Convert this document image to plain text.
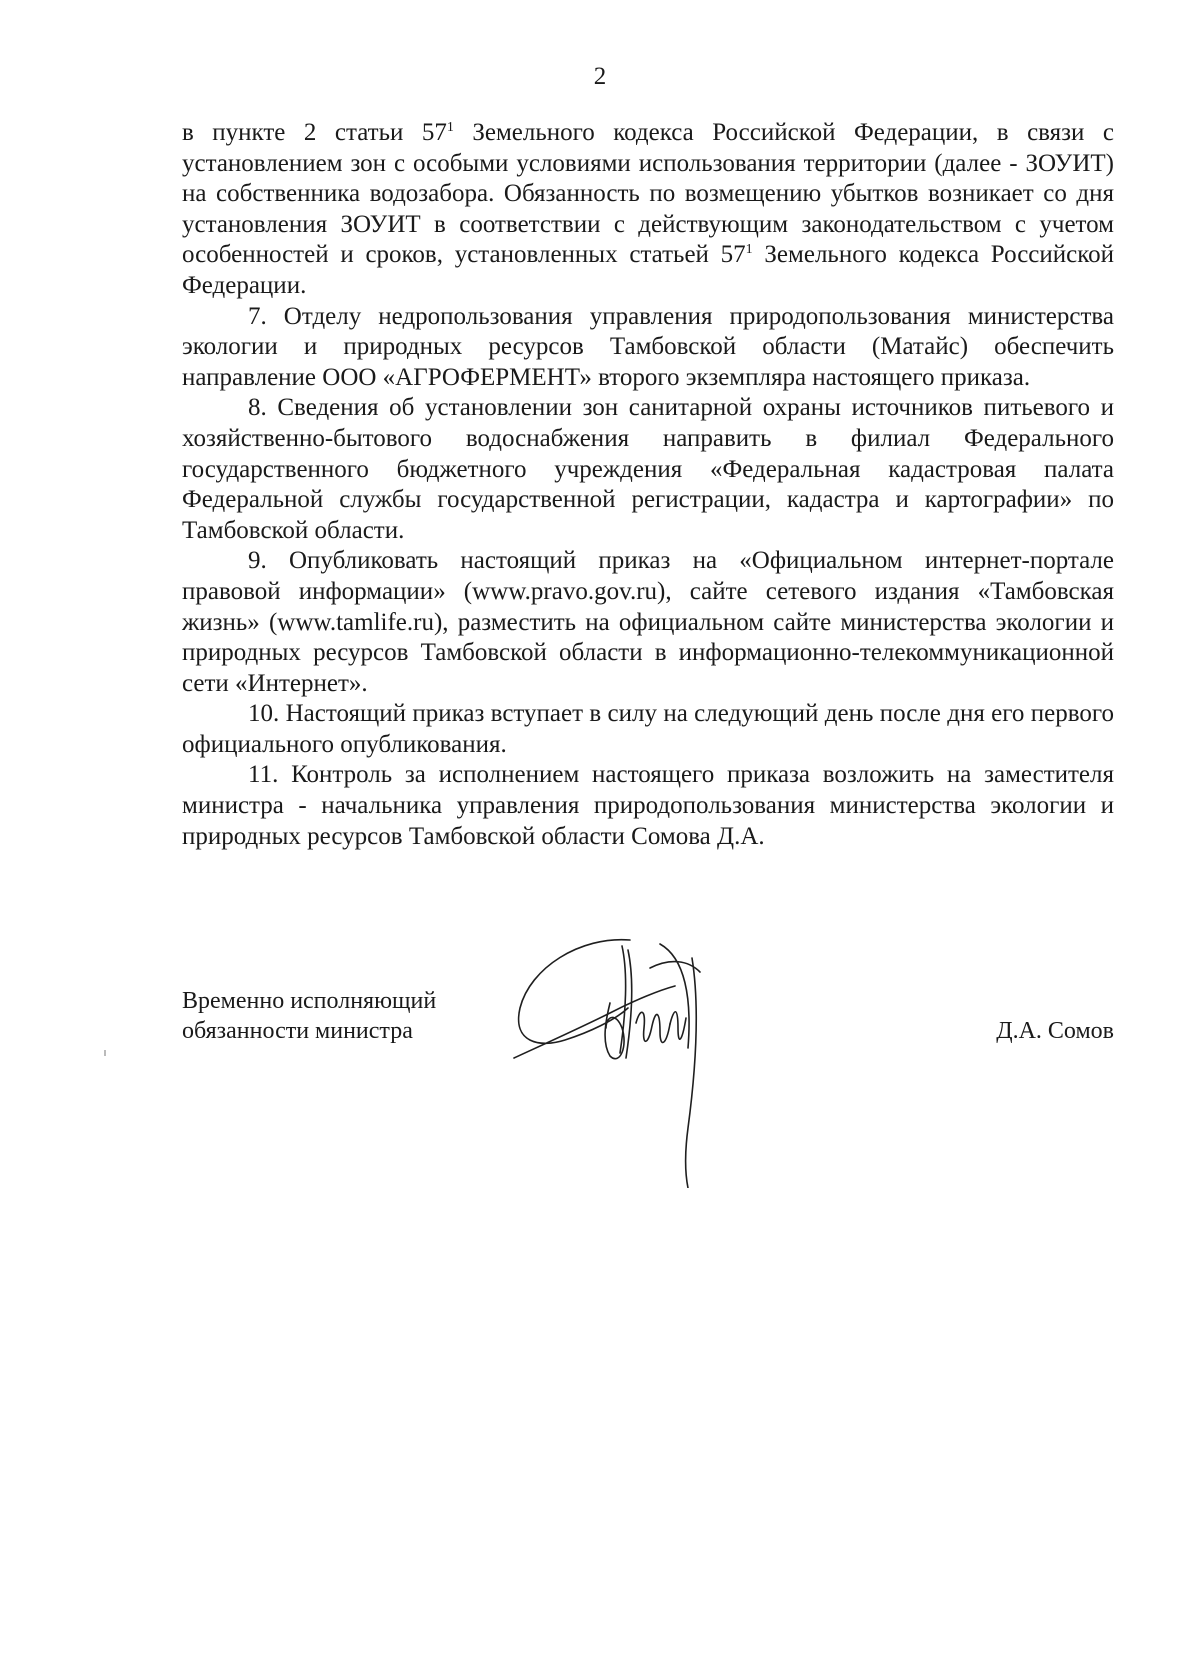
2

в пункте 2 статьи $57^1$ Земельного кодекса Российской Федерации, в связи с установлением зон с особыми условиями использования территории (далее - ЗОУИТ) на собственника водозабора. Обязанность по возмещению убытков возникает со дня установления ЗОУИТ в соответствии с действующим законодательством с учетом особенностей и сроков, установленных статьей $57^1$ Земельного кодекса Российской Федерации.

7. Отделу недропользования управления природопользования министерства экологии и природных ресурсов Тамбовской области (Матайс) обеспечить направление ООО «АГРОФЕРМЕНТ» второго экземпляра настоящего приказа.

8. Сведения об установлении зон санитарной охраны источников питьевого и хозяйственно-бытового водоснабжения направить в филиал Федерального государственного бюджетного учреждения «Федеральная кадастровая палата Федеральной службы государственной регистрации, кадастра и картографии» по Тамбовской области.

9. Опубликовать настоящий приказ на «Официальном интернет-портале правовой информации» (www.pravo.gov.ru), сайте сетевого издания «Тамбовская жизнь» (www.tamlife.ru), разместить на официальном сайте министерства экологии и природных ресурсов Тамбовской области в информационно-телекоммуникационной сети «Интернет».

10. Настоящий приказ вступает в силу на следующий день после дня его первого официального опубликования.

11. Контроль за исполнением настоящего приказа возложить на заместителя министра - начальника управления природопользования министерства экологии и природных ресурсов Тамбовской области Сомова Д.А.

Временно исполняющий
обязанности министра	Д.А. Сомов
